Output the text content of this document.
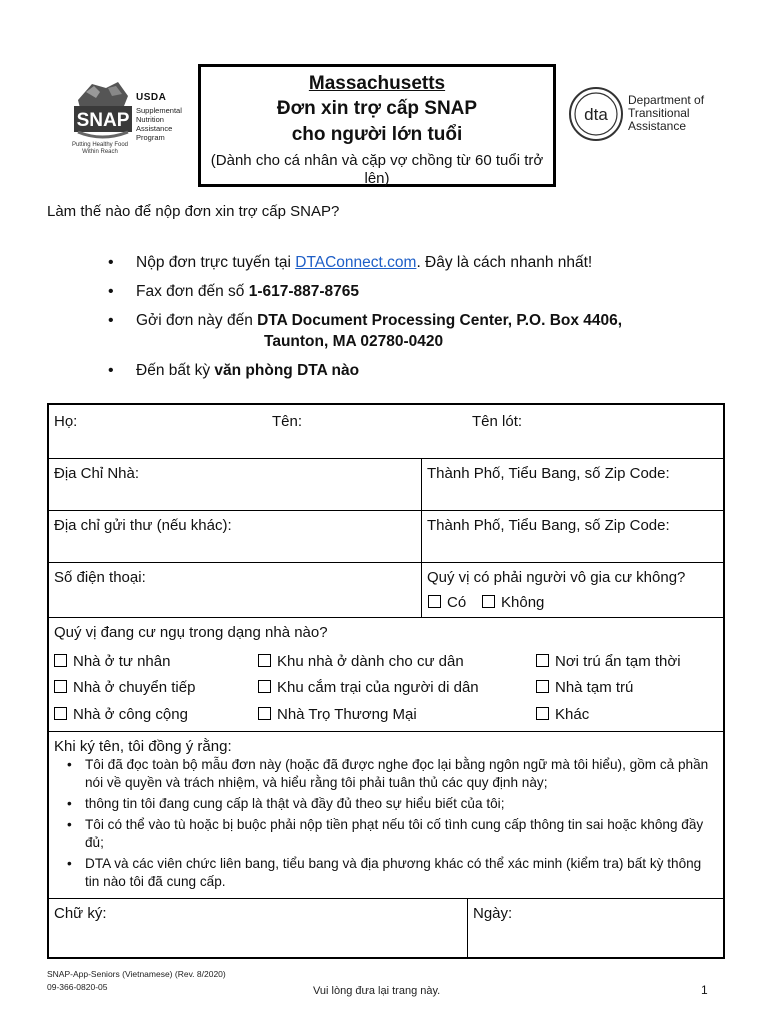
SNAP
USDA
Supplemental Nutrition Assistance Program
Putting Healthy Food Within Reach
Massachusetts
Đơn xin trợ cấp SNAP
cho người lớn tuổi
(Dành cho cá nhân và cặp vợ chồng từ 60 tuổi trở lên)
dta
Department of
Transitional
Assistance
Làm thế nào để nộp đơn xin trợ cấp SNAP?
• Nộp đơn trực tuyến tại DTAConnect.com. Đây là cách nhanh nhất!
• Fax đơn đến số 1-617-887-8765
• Gởi đơn này đến DTA Document Processing Center, P.O. Box 4406,
Taunton, MA 02780-0420
• Đến bất kỳ văn phòng DTA nào
Họ:	Tên:	Tên lót:
Địa Chỉ Nhà:	Thành Phố, Tiểu Bang, số Zip Code:
Địa chỉ gửi thư (nếu khác):	Thành Phố, Tiểu Bang, số Zip Code:
Số điện thoại:	Quý vị có phải người vô gia cư không?
Có	Không
Quý vị đang cư ngụ trong dạng nhà nào?
Nhà ở tư nhân	Khu nhà ở dành cho cư dân	Nơi trú ẩn tạm thời
Nhà ở chuyển tiếp	Khu cắm trại của người di dân	Nhà tạm trú
Nhà ở công cộng	Nhà Trọ Thương Mại	Khác
Khi ký tên, tôi đồng ý rằng:
• Tôi đã đọc toàn bộ mẫu đơn này (hoặc đã được nghe đọc lại bằng ngôn ngữ mà tôi hiểu), gồm cả phần nói về quyền và trách nhiệm, và hiểu rằng tôi phải tuân thủ các quy định này;
• thông tin tôi đang cung cấp là thật và đầy đủ theo sự hiểu biết của tôi;
• Tôi có thể vào tù hoặc bị buộc phải nộp tiền phạt nếu tôi cố tình cung cấp thông tin sai hoặc không đầy đủ;
• DTA và các viên chức liên bang, tiểu bang và địa phương khác có thể xác minh (kiểm tra) bất kỳ thông tin nào tôi đã cung cấp.
Chữ ký:	Ngày:
SNAP-App-Seniors (Vietnamese) (Rev. 8/2020)
09-366-0820-05	Vui lòng đưa lại trang này.	1
